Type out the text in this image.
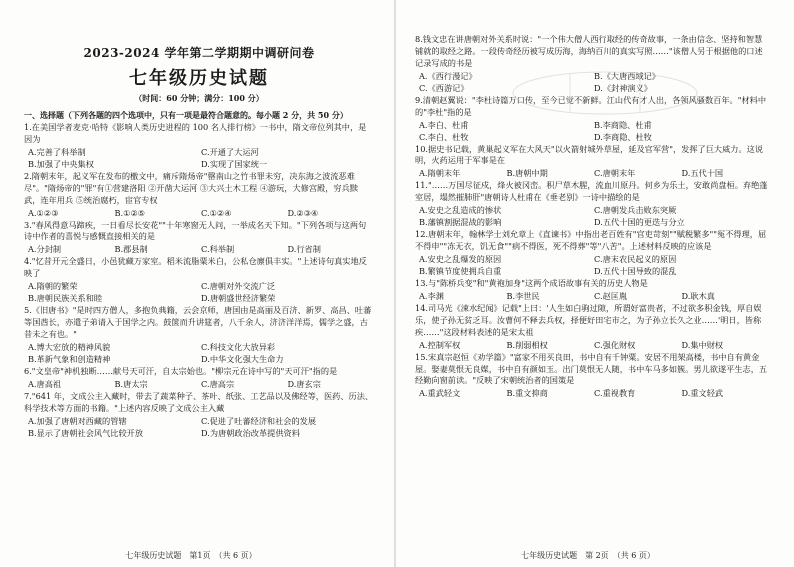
2023-2024 学年第二学期期中调研问卷
七年级历史试题
（时间：60 分钟；满分：100 分）
一、选择题（下列各题的四个选项中，只有一项是最符合题意的。每小题 2 分，共 50 分）
1.在美国学者麦克·哈特《影响人类历史进程的 100 名人排行榜》一书中，隋文帝位列其中，是因为
A.完善了科举制	C.开通了大运河
B.加强了中央集权	D.实现了国家统一
2.隋朝末年，起义军在发布的檄文中，痛斥隋炀帝"罄南山之竹书罪未穷，决东海之波流恶难尽"。"隋炀帝的"罪"有①营建洛阳 ②开凿大运河 ③大兴土木工程 ④游玩，大修宫殿，穷兵黩武，连年用兵 ⑤统治腐朽，宦官专权
A.①②③	B.①②⑤	C.①②④	D.②③④
3."春风得意马蹄疾，一日看尽长安花""十年寒窗无人问，一举成名天下知。"下列各项与这两句诗中作者的喜悦与感慨直接相关的是
A.分封制	B.郡县制	C.科举制	D.行省制
4."忆昔开元全盛日，小邑犹藏万家室。稻米流脂粟米白，公私仓廪俱丰实。"上述诗句真实地反映了
A.隋朝的繁荣	C.唐朝对外交流广泛
B.唐朝民族关系和睦	D.唐朝盛世经济繁荣
5.《旧唐书》"是时四方僧人，多抱负典籍，云会京师，唐国由是高丽及百济、新罗、高昌、吐蕃等国酋长，亦遣子弟请入于国学之内。鼓箧而升讲筵者，八千余人，济济洋洋焉，儒学之盛，古昔未之有也。"
A.博大宏放的精神风貌	C.科技文化大放异彩
B.革新气象和创造精神	D.中华文化强大生命力
6."文皇帝"神机独断……献号天可汗，自太宗始也。"柳宗元在诗中写的"天可汗"指的是
A.唐高祖	B.唐太宗	C.唐高宗	D.唐玄宗
7."641 年，文成公主入藏时，带去了蔬菜种子、茶叶、纸张、工艺品以及佛经等，医药、历法、科学技术等方面的书籍。"上述内容反映了文成公主入藏
A.加强了唐朝对西藏的管辖	C.促进了吐蕃经济和社会的发展
B.显示了唐朝社会风气比较开放	D.为唐朝政治改革提供资料
七年级历史试题　第1页　（共 6 页）
8.钱文忠在讲唐朝对外关系时说："一个伟大僧人西行取经的传奇故事，一条由信念、坚持和智慧铺就的取经之路。一段传奇经历被写成历海，海纳百川的真实写照……"该僧人另于根据他的口述记录写成的书是
A.《西行漫记》	B.《大唐西域记》
C.《西游记》	D.《封神演义》
9.清朝赵翼说："李杜诗篇万口传，至今已觉不新鲜。江山代有才人出，各领风骚数百年。"材料中的"李杜"指的是
A.李白、杜甫	B.李商隐、杜甫
C.李白、杜牧	D.李商隐、杜牧
10.据史书记载，黄巢起义军在大风天"以火箭射城外草屋，延及官军营"，发挥了巨大威力。这说明，火药运用于军事是在
A.隋朝末年	B.唐朝中期	C.唐朝末年	D.五代十国
11."……万国尽征戍，烽火被冈峦。积尸草木腥，流血川原丹。何乡为乐土，安敢尚盘桓。弃绝蓬室居，塌然摧肺肝"唐朝诗人杜甫在《垂老别》一诗中描绘的是
A.安史之乱造成的惨状	C.唐朝发兵击败东突厥
B.藩镇割据混战的影响	D.五代十国的更迭与分立
12.唐朝末年，翰林学士刘允章上《直谏书》中指出老百姓有"官吏苛刻""赋税繁多""冤不得理，屈不得申""冻无衣，饥无食""病不得医，死不得葬"等"八苦"。上述材料反映的应该是
A.安史之乱爆发的原因	C.唐末农民起义的原因
B.繁镇节度使拥兵自重	D.五代十国导致的混乱
13.与"陈桥兵变"和"黄袍加身"这两个成语故事有关的历史人物是
A.李渊	B.李世民	C.赵匡胤	D.耿木真
14.司马光《涑水纪闻》记载"上曰：'人生如白驹过隙，所谓好富贵者，不过欲多积金钱，厚自娱乐，使子孙无贫乏耳。汝曹何不释去兵权，择便好田宅市之，为子孙立长久之业……'明日，皆称疾……"这段材料表述的是宋太祖
A.控制军权	B.削弱相权	C.强化财权	D.集中财权
15.宋真宗赵恒《劝学篇》"富家不用买良田，书中自有千钟粟。安居不用架高楼，书中自有黄金屋。娶妻莫恨无良媒，书中自有颜如玉。出门莫恨无人随，书中车马多如簇。男儿欲遂平生志，五经勤向窗前读。"反映了宋朝统治者的国策是
A.重武轻文	B.重文抑商	C.重视教育	D.重文轻武
七年级历史试题　第 2页　（共 6 页）
